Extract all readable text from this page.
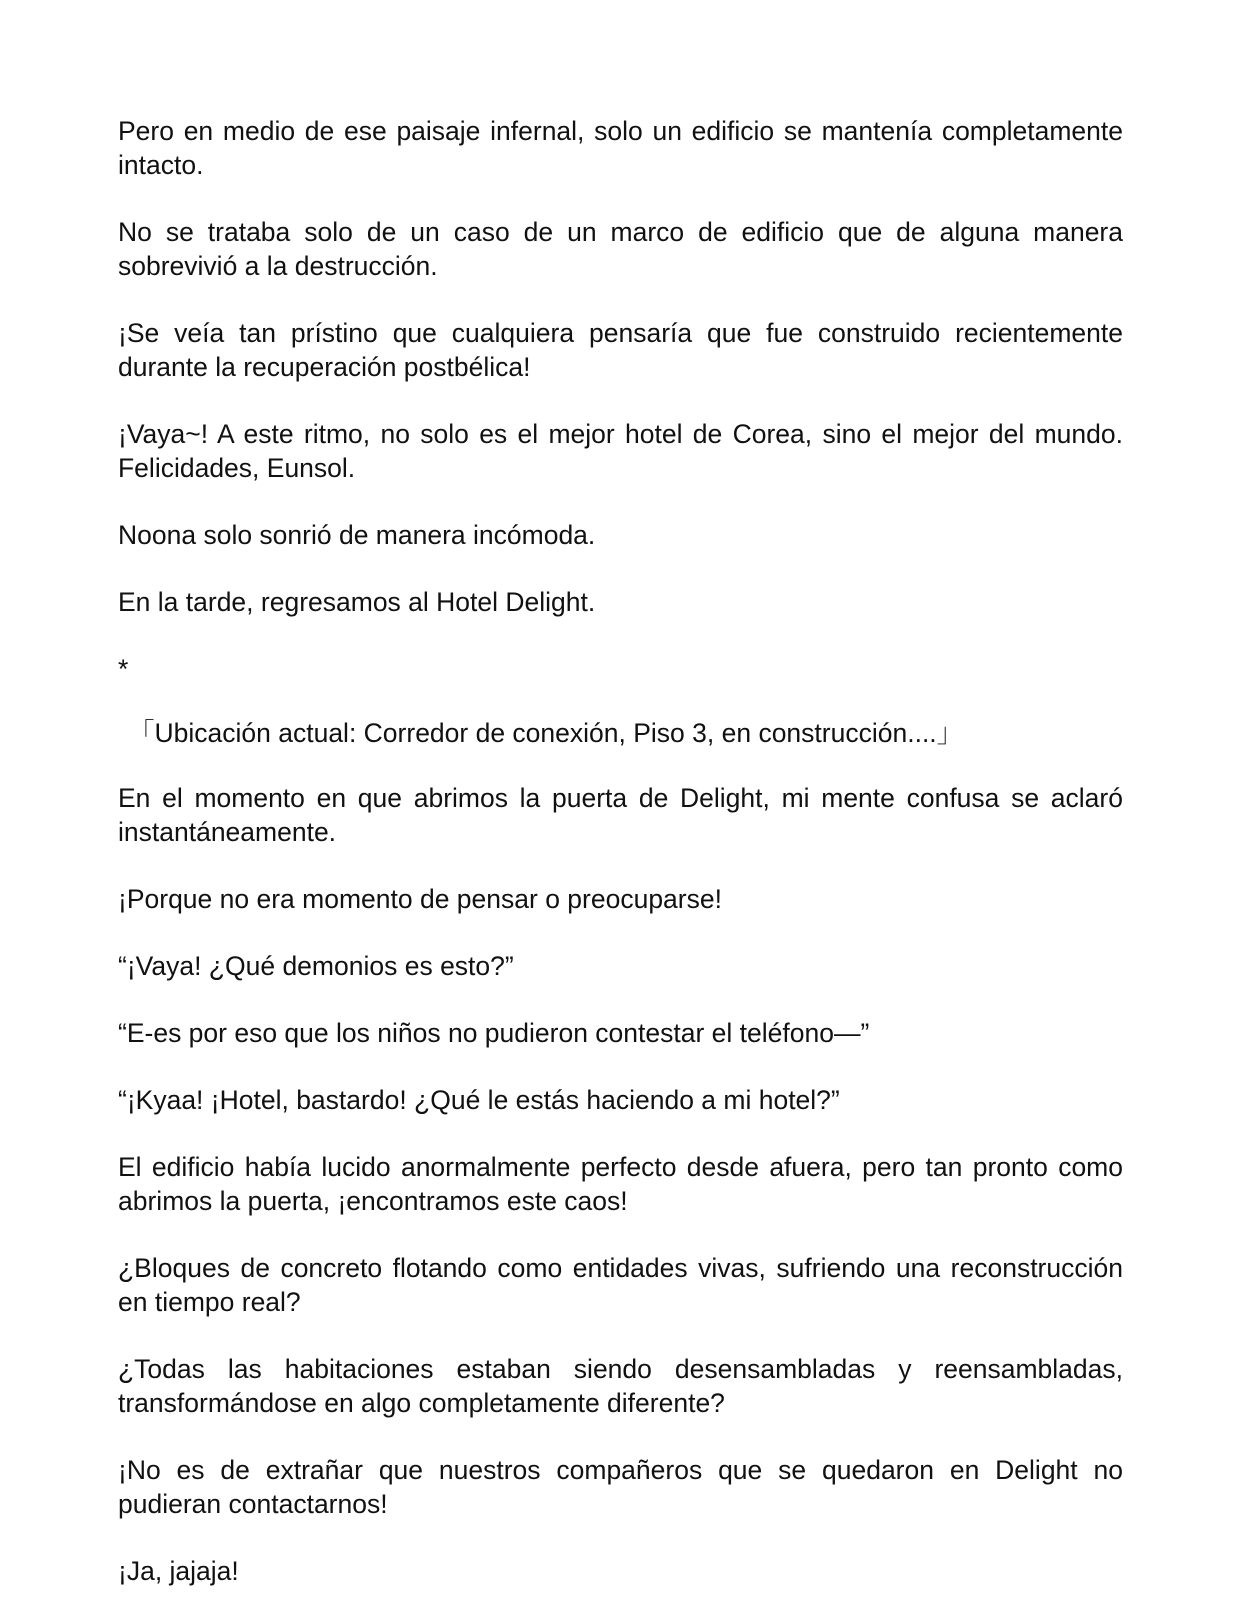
Pero en medio de ese paisaje infernal, solo un edificio se mantenía completamente intacto.

No se trataba solo de un caso de un marco de edificio que de alguna manera sobrevivió a la destrucción.

¡Se veía tan prístino que cualquiera pensaría que fue construido recientemente durante la recuperación postbélica!

¡Vaya~! A este ritmo, no solo es el mejor hotel de Corea, sino el mejor del mundo. Felicidades, Eunsol.

Noona solo sonrió de manera incómoda.

En la tarde, regresamos al Hotel Delight.

*

「Ubicación actual: Corredor de conexión, Piso 3, en construcción....」

En el momento en que abrimos la puerta de Delight, mi mente confusa se aclaró instantáneamente.

¡Porque no era momento de pensar o preocuparse!

“¡Vaya! ¿Qué demonios es esto?”

“E-es por eso que los niños no pudieron contestar el teléfono—”

“¡Kyaa! ¡Hotel, bastardo! ¿Qué le estás haciendo a mi hotel?”

El edificio había lucido anormalmente perfecto desde afuera, pero tan pronto como abrimos la puerta, ¡encontramos este caos!

¿Bloques de concreto flotando como entidades vivas, sufriendo una reconstrucción en tiempo real?

¿Todas las habitaciones estaban siendo desensambladas y reensambladas, transformándose en algo completamente diferente?

¡No es de extrañar que nuestros compañeros que se quedaron en Delight no pudieran contactarnos!

¡Ja, jajaja!
